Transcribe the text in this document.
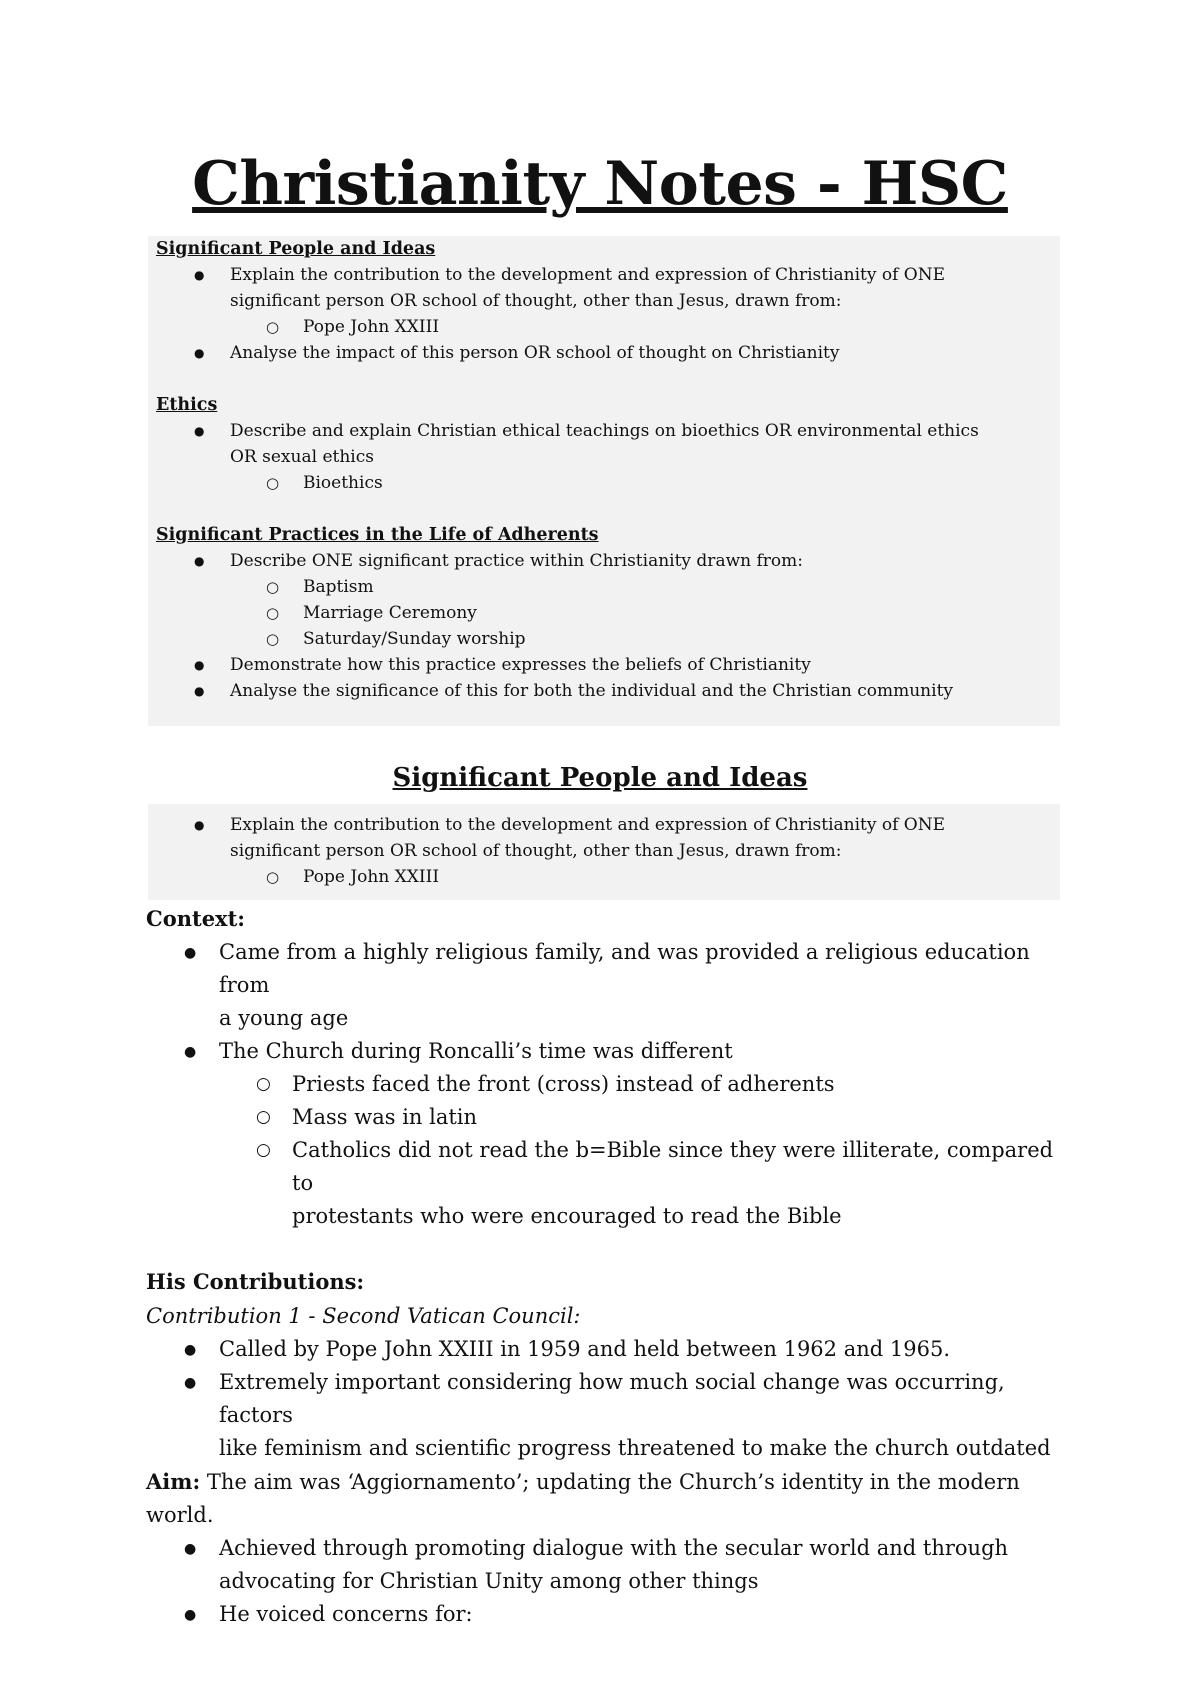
Christianity Notes - HSC
Significant People and Ideas
● Explain the contribution to the development and expression of Christianity of ONE
significant person OR school of thought, other than Jesus, drawn from:
○ Pope John XXIII
● Analyse the impact of this person OR school of thought on Christianity
Ethics
● Describe and explain Christian ethical teachings on bioethics OR environmental ethics
OR sexual ethics
○ Bioethics
Significant Practices in the Life of Adherents
● Describe ONE significant practice within Christianity drawn from:
○ Baptism
○ Marriage Ceremony
○ Saturday/Sunday worship
● Demonstrate how this practice expresses the beliefs of Christianity
● Analyse the significance of this for both the individual and the Christian community
Significant People and Ideas
● Explain the contribution to the development and expression of Christianity of ONE
significant person OR school of thought, other than Jesus, drawn from:
○ Pope John XXIII
Context:
● Came from a highly religious family, and was provided a religious education from
a young age
● The Church during Roncalli’s time was different
○ Priests faced the front (cross) instead of adherents
○ Mass was in latin
○ Catholics did not read the b=Bible since they were illiterate, compared to
protestants who were encouraged to read the Bible
His Contributions:
Contribution 1 - Second Vatican Council:
● Called by Pope John XXIII in 1959 and held between 1962 and 1965.
● Extremely important considering how much social change was occurring, factors
like feminism and scientific progress threatened to make the church outdated
Aim: The aim was ‘Aggiornamento’; updating the Church’s identity in the modern world.
● Achieved through promoting dialogue with the secular world and through
advocating for Christian Unity among other things
● He voiced concerns for:
